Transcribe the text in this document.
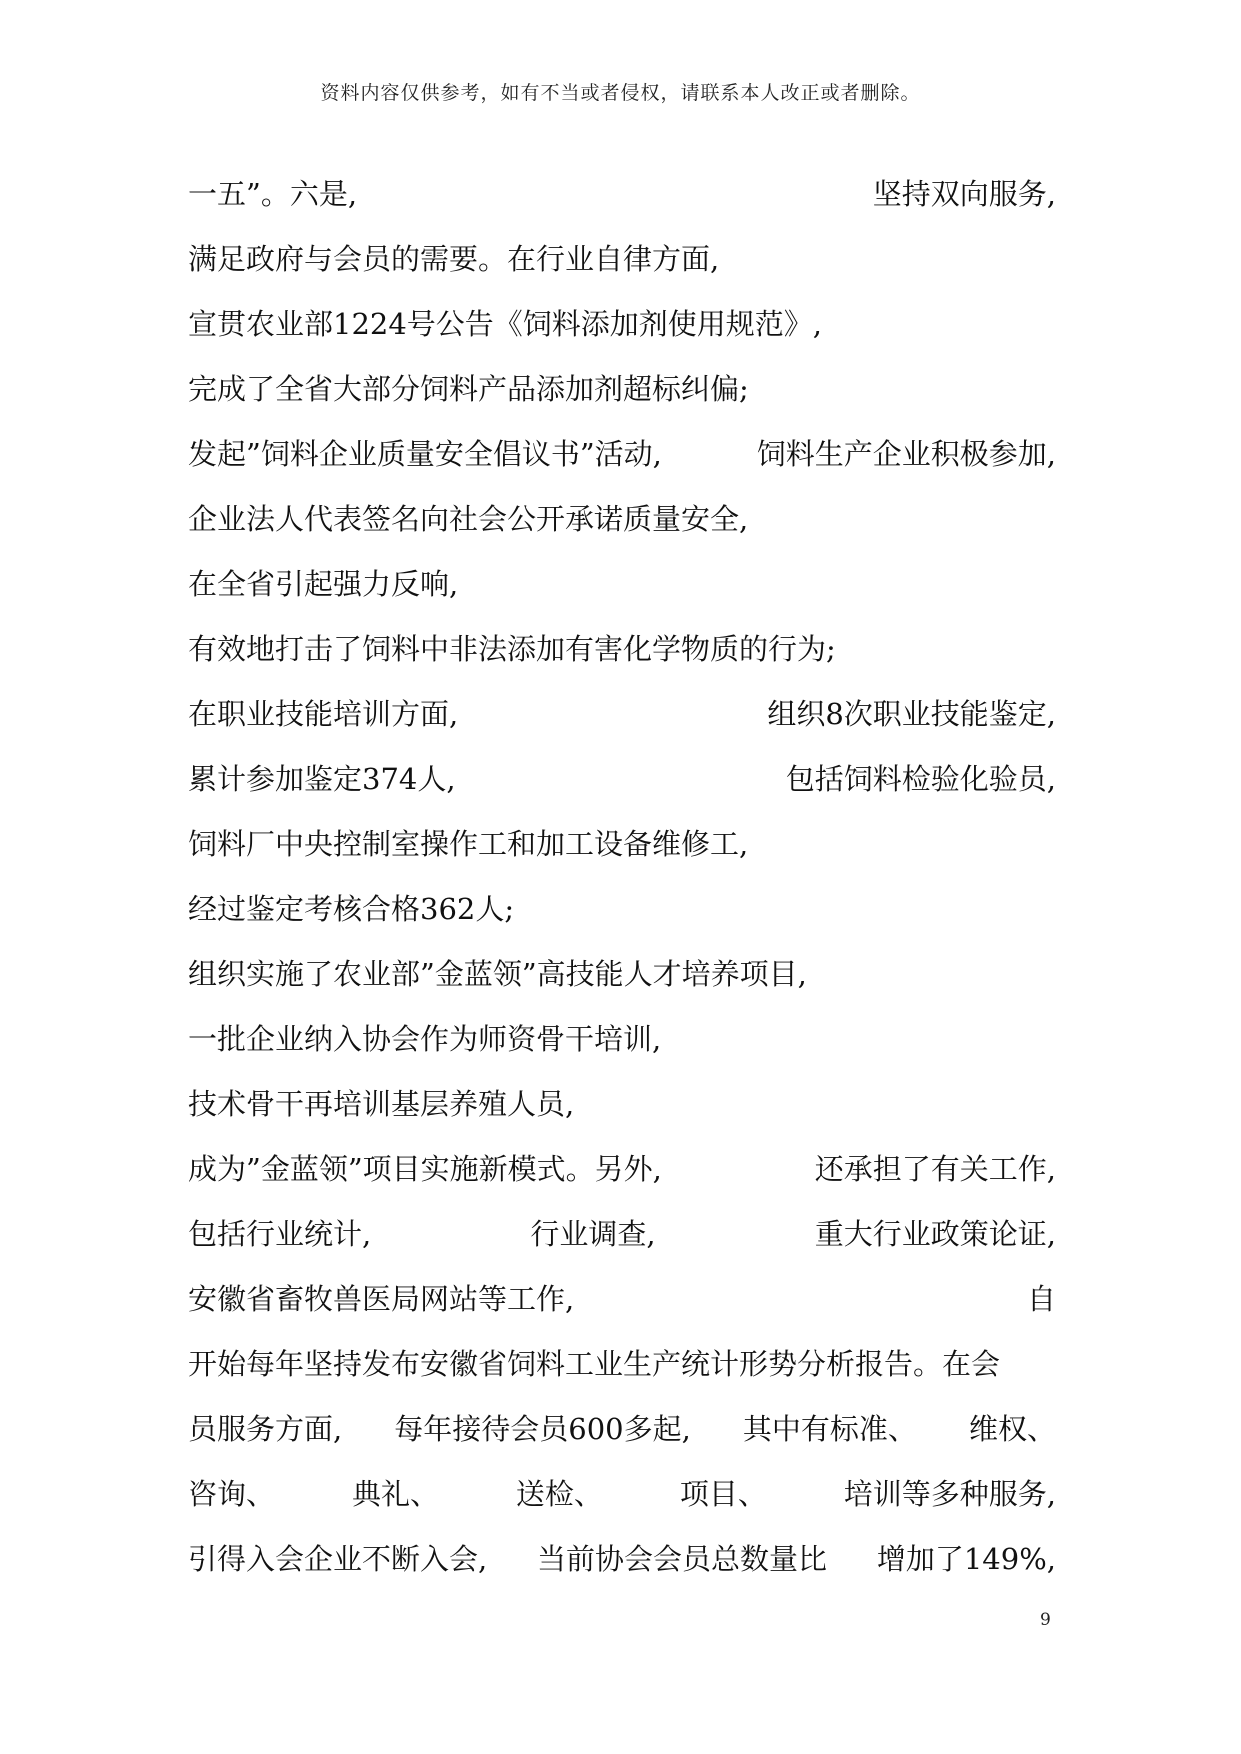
资料内容仅供参考，如有不当或者侵权，请联系本人改正或者删除。
一五”。六是,	坚持双向服务,
满足政府与会员的需要。在行业自律方面,
宣贯农业部1224号公告《饲料添加剂使用规范》,
完成了全省大部分饲料产品添加剂超标纠偏;
发起”饲料企业质量安全倡议书”活动,	饲料生产企业积极参加,
企业法人代表签名向社会公开承诺质量安全,
在全省引起强力反响,
有效地打击了饲料中非法添加有害化学物质的行为;
在职业技能培训方面,	组织8次职业技能鉴定,
累计参加鉴定374人,	包括饲料检验化验员,
饲料厂中央控制室操作工和加工设备维修工,
经过鉴定考核合格362人;
组织实施了农业部”金蓝领”高技能人才培养项目,
一批企业纳入协会作为师资骨干培训,
技术骨干再培训基层养殖人员,
成为”金蓝领”项目实施新模式。另外,	还承担了有关工作,
包括行业统计,	行业调查,	重大行业政策论证,
安徽省畜牧兽医局网站等工作,	自
开始每年坚持发布安徽省饲料工业生产统计形势分析报告。在会
员服务方面, 每年接待会员600多起, 其中有标准、 维权、
咨询、	典礼、	送检、	项目、	培训等多种服务,
引得入会企业不断入会, 当前协会会员总数量比 增加了149%,
9
